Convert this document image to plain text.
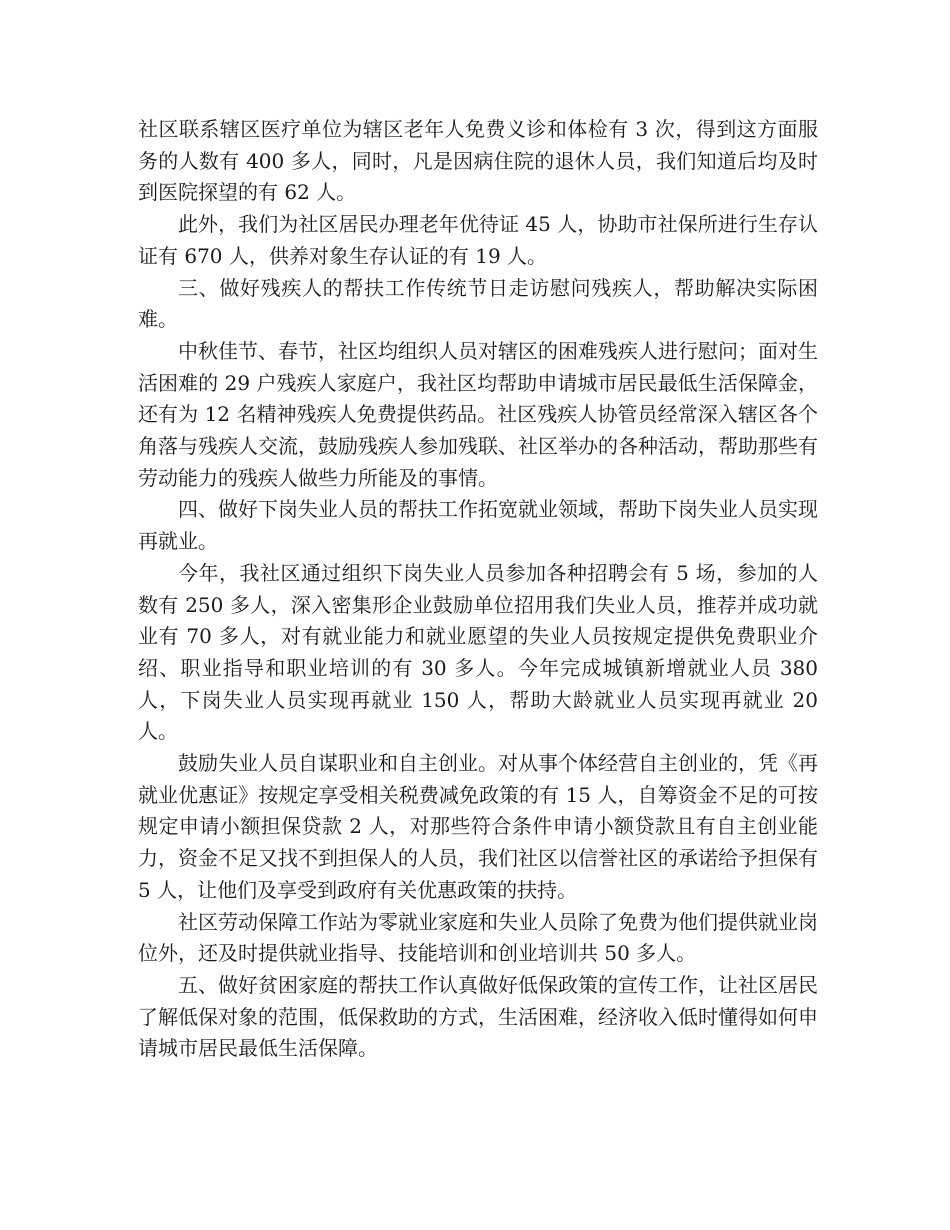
社区联系辖区医疗单位为辖区老年人免费义诊和体检有 3 次，得到这方面服务的人数有 400 多人，同时，凡是因病住院的退休人员，我们知道后均及时到医院探望的有 62 人。

此外，我们为社区居民办理老年优待证 45 人，协助市社保所进行生存认证有 670 人，供养对象生存认证的有 19 人。

三、做好残疾人的帮扶工作传统节日走访慰问残疾人，帮助解决实际困难。

中秋佳节、春节，社区均组织人员对辖区的困难残疾人进行慰问；面对生活困难的 29 户残疾人家庭户，我社区均帮助申请城市居民最低生活保障金，还有为 12 名精神残疾人免费提供药品。社区残疾人协管员经常深入辖区各个角落与残疾人交流，鼓励残疾人参加残联、社区举办的各种活动，帮助那些有劳动能力的残疾人做些力所能及的事情。

四、做好下岗失业人员的帮扶工作拓宽就业领域，帮助下岗失业人员实现再就业。

今年，我社区通过组织下岗失业人员参加各种招聘会有 5 场，参加的人数有 250 多人，深入密集形企业鼓励单位招用我们失业人员，推荐并成功就业有 70 多人，对有就业能力和就业愿望的失业人员按规定提供免费职业介绍、职业指导和职业培训的有 30 多人。今年完成城镇新增就业人员 380 人，下岗失业人员实现再就业 150 人，帮助大龄就业人员实现再就业 20 人。

鼓励失业人员自谋职业和自主创业。对从事个体经营自主创业的，凭《再就业优惠证》按规定享受相关税费减免政策的有 15 人，自筹资金不足的可按规定申请小额担保贷款 2 人，对那些符合条件申请小额贷款且有自主创业能力，资金不足又找不到担保人的人员，我们社区以信誉社区的承诺给予担保有 5 人，让他们及享受到政府有关优惠政策的扶持。

社区劳动保障工作站为零就业家庭和失业人员除了免费为他们提供就业岗位外，还及时提供就业指导、技能培训和创业培训共 50 多人。

五、做好贫困家庭的帮扶工作认真做好低保政策的宣传工作，让社区居民了解低保对象的范围，低保救助的方式，生活困难，经济收入低时懂得如何申请城市居民最低生活保障。
